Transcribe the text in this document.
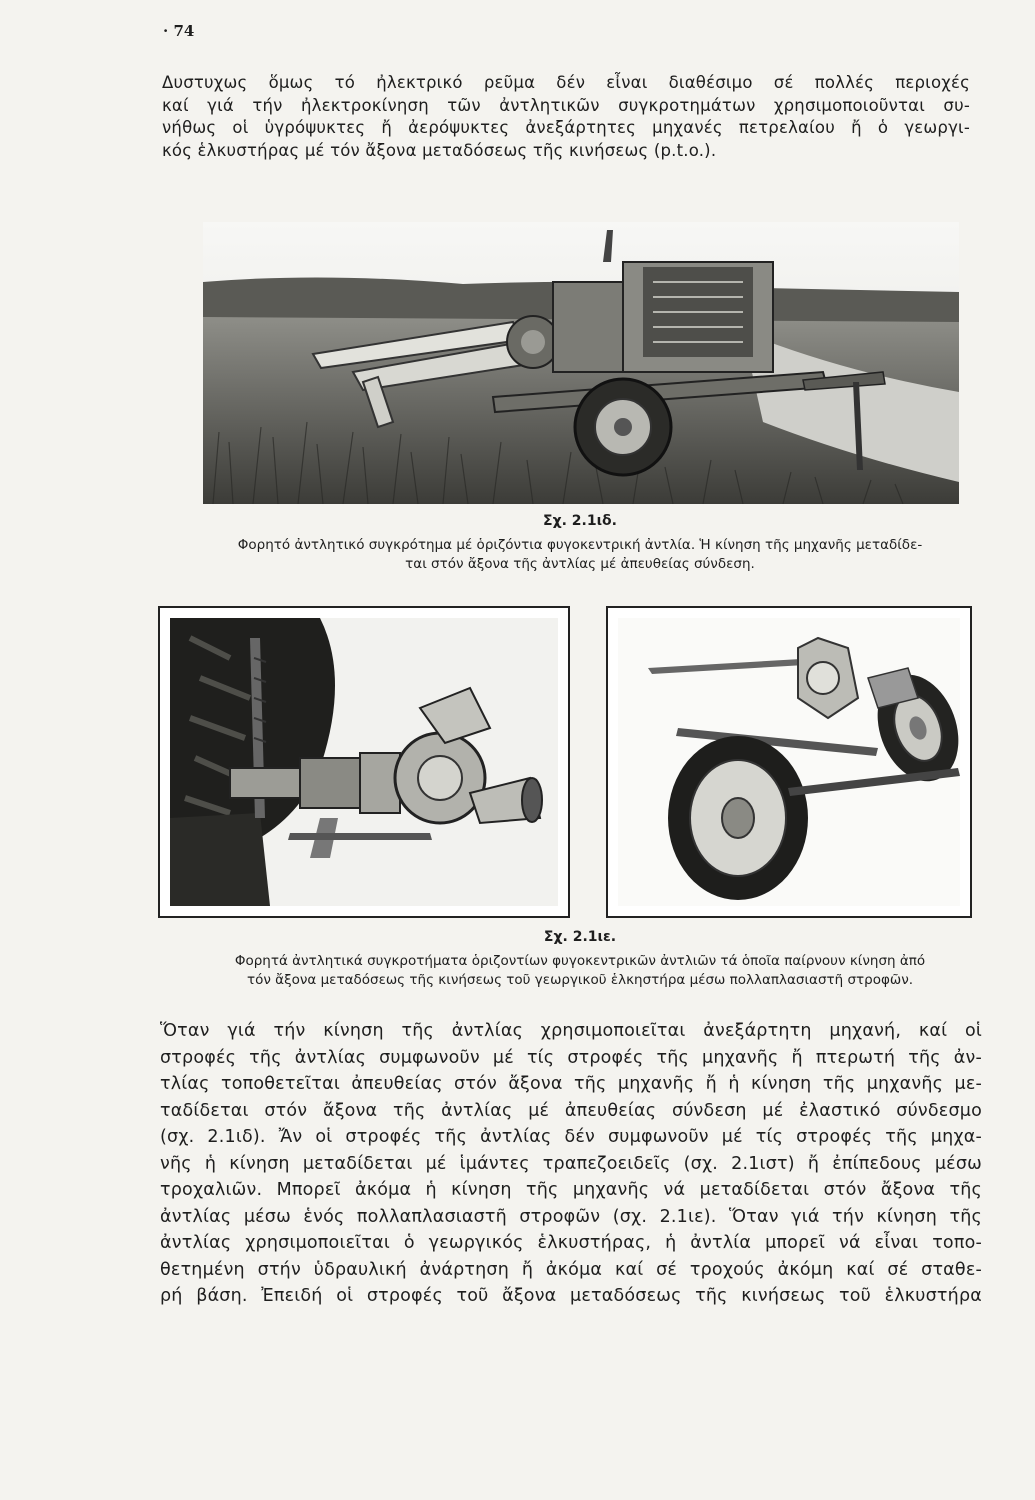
· 74

Δυστυχως ὅμως τό ἠλεκτρικό ρεῦμα δέν εἶναι διαθέσιμο σέ πολλές περιοχές
καί γιά τήν ἠλεκτροκίνηση τῶν ἀντλητικῶν συγκροτημάτων χρησιμοποιοῦνται συ-
νήθως οἱ ὑγρόψυκτες ἤ ἀερόψυκτες ἀνεξάρτητες μηχανές πετρελαίου ἤ ὁ γεωργι-
κός ἑλκυστήρας μέ τόν ἄξονα μεταδόσεως τῆς κινήσεως (p.t.o.).

Σχ. 2.1ιδ.
Φορητό ἀντλητικό συγκρότημα μέ ὁριζόντια φυγοκεντρική ἀντλία. Ἡ κίνηση τῆς μηχανῆς μεταδίδε-
ται στόν ἄξονα τῆς ἀντλίας μέ ἀπευθείας σύνδεση.
Σχ. 2.1ιε.
Φορητά ἀντλητικά συγκροτήματα ὁριζοντίων φυγοκεντρικῶν ἀντλιῶν τά ὁποῖα παίρνουν κίνηση ἀπό
τόν ἄξονα μεταδόσεως τῆς κινήσεως τοῦ γεωργικοῦ ἑλκηστήρα μέσω πολλαπλασιαστῆ στροφῶν.

Ὅταν γιά τήν κίνηση τῆς ἀντλίας χρησιμοποιεῖται ἀνεξάρτητη μηχανή, καί οἱ
στροφές τῆς ἀντλίας συμφωνοῦν μέ τίς στροφές τῆς μηχανῆς ἤ πτερωτή τῆς ἀν-
τλίας τοποθετεῖται ἀπευθείας στόν ἄξονα τῆς μηχανῆς ἤ ἡ κίνηση τῆς μηχανῆς με-
ταδίδεται στόν ἄξονα τῆς ἀντλίας μέ ἀπευθείας σύνδεση μέ ἐλαστικό σύνδεσμο
(σχ. 2.1ιδ). Ἄν οἱ στροφές τῆς ἀντλίας δέν συμφωνοῦν μέ τίς στροφές τῆς μηχα-
νῆς ἡ κίνηση μεταδίδεται μέ ἱμάντες τραπεζοειδεῖς (σχ. 2.1ιστ) ἤ ἐπίπεδους μέσω
τροχαλιῶν. Μπορεῖ ἀκόμα ἡ κίνηση τῆς μηχανῆς νά μεταδίδεται στόν ἄξονα τῆς
ἀντλίας μέσω ἑνός πολλαπλασιαστῆ στροφῶν (σχ. 2.1ιε). Ὅταν γιά τήν κίνηση τῆς
ἀντλίας χρησιμοποιεῖται ὁ γεωργικός ἑλκυστήρας, ἡ ἀντλία μπορεῖ νά εἶναι τοπο-
θετημένη στήν ὑδραυλική ἀνάρτηση ἤ ἀκόμα καί σέ τροχούς ἀκόμη καί σέ σταθε-
ρή βάση. Ἐπειδή οἱ στροφές τοῦ ἄξονα μεταδόσεως τῆς κινήσεως τοῦ ἑλκυστήρα
